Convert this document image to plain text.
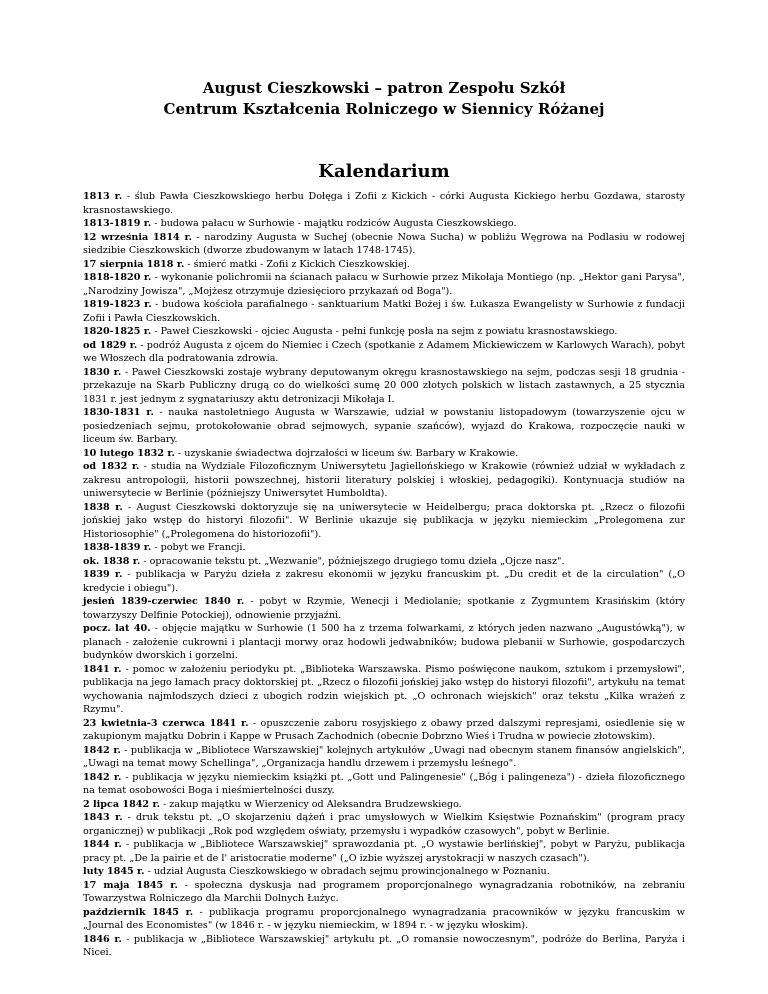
August Cieszkowski – patron Zespołu Szkół

Centrum Kształcenia Rolniczego w Siennicy Różanej

Kalendarium

1813 r. - ślub Pawła Cieszkowskiego herbu Dołęga i Zofii z Kickich - córki Augusta Kickiego herbu Gozdawa, starosty krasnostawskiego.

1813-1819 r. - budowa pałacu w Surhowie - majątku rodziców Augusta Cieszkowskiego.

12 września 1814 r. - narodziny Augusta w Suchej (obecnie Nowa Sucha) w pobliżu Węgrowa na Podlasiu w rodowej siedzibie Cieszkowskich (dworze zbudowanym w latach 1748-1745).

17 sierpnia 1818 r. - śmierć matki - Zofii z Kickich Cieszkowskiej.

1818-1820 r. - wykonanie polichromii na ścianach pałacu w Surhowie przez Mikołaja Montiego (np. „Hektor gani Parysa", „Narodziny Jowisza", „Mojżesz otrzymuje dziesięcioro przykazań od Boga").

1819-1823 r. - budowa kościoła parafialnego - sanktuarium Matki Bożej i św. Łukasza Ewangelisty w Surhowie z fundacji Zofii i Pawła Cieszkowskich.

1820-1825 r. - Paweł Cieszkowski - ojciec Augusta - pełni funkcję posła na sejm z powiatu krasnostawskiego.

od 1829 r. - podróż Augusta z ojcem do Niemiec i Czech (spotkanie z Adamem Mickiewiczem w Karlowych Warach), pobyt we Włoszech dla podratowania zdrowia.

1830 r. - Paweł Cieszkowski zostaje wybrany deputowanym okręgu krasnostawskiego na sejm, podczas sesji 18 grudnia - przekazuje na Skarb Publiczny drugą co do wielkości sumę 20 000 złotych polskich w listach zastawnych, a 25 stycznia 1831 r. jest jednym z sygnatariuszy aktu detronizacji Mikołaja I.

1830-1831 r. - nauka nastoletniego Augusta w Warszawie, udział w powstaniu listopadowym (towarzyszenie ojcu w posiedzeniach sejmu, protokołowanie obrad sejmowych, sypanie szańców), wyjazd do Krakowa, rozpoczęcie nauki w liceum św. Barbary.

10 lutego 1832 r. - uzyskanie świadectwa dojrzałości w liceum św. Barbary w Krakowie.

od 1832 r. - studia na Wydziale Filozoficznym Uniwersytetu Jagiellońskiego w Krakowie (również udział w wykładach z zakresu antropologii, historii powszechnej, historii literatury polskiej i włoskiej, pedagogiki). Kontynuacja studiów na uniwersytecie w Berlinie (późniejszy Uniwersytet Humboldta).

1838 r. - August Cieszkowski doktoryzuje się na uniwersytecie w Heidelbergu; praca doktorska pt. „Rzecz o filozofii jońskiej jako wstęp do historyi filozofii". W Berlinie ukazuje się publikacja w języku niemieckim „Prolegomena zur Historiosophie" („Prolegomena do historiozofii").

1838-1839 r. - pobyt we Francji.

ok. 1838 r. - opracowanie tekstu pt. „Wezwanie", późniejszego drugiego tomu dzieła „Ojcze nasz".

1839 r. - publikacja w Paryżu dzieła z zakresu ekonomii w języku francuskim pt. „Du credit et de la circulation" („O kredycie i obiegu").

jesień 1839-czerwiec 1840 r. - pobyt w Rzymie, Wenecji i Mediolanie; spotkanie z Zygmuntem Krasińskim (który towarzyszy Delfinie Potockiej), odnowienie przyjaźni.

pocz. lat 40. - objęcie majątku w Surhowie (1 500 ha z trzema folwarkami, z których jeden nazwano „Augustówką"), w planach - założenie cukrowni i plantacji morwy oraz hodowli jedwabników; budowa plebanii w Surhowie, gospodarczych budynków dworskich i gorzelni.

1841 r. - pomoc w założeniu periodyku pt. „Biblioteka Warszawska. Pismo poświęcone naukom, sztukom i przemysłowi", publikacja na jego łamach pracy doktorskiej pt. „Rzecz o filozofii jońskiej jako wstęp do historyi filozofii", artykułu na temat wychowania najmłodszych dzieci z ubogich rodzin wiejskich pt. „O ochronach wiejskich" oraz tekstu „Kilka wrażeń z Rzymu".

23 kwietnia-3 czerwca 1841 r. - opuszczenie zaboru rosyjskiego z obawy przed dalszymi represjami, osiedlenie się w zakupionym majątku Dobrin i Kappe w Prusach Zachodnich (obecnie Dobrzno Wieś i Trudna w powiecie złotowskim).

1842 r. - publikacja w „Bibliotece Warszawskiej" kolejnych artykułów „Uwagi nad obecnym stanem finansów angielskich", „Uwagi na temat mowy Schellinga", „Organizacja handlu drzewem i przemysłu leśnego".

1842 r. - publikacja w języku niemieckim książki pt. „Gott und Palingenesie" („Bóg i palingeneza") - dzieła filozoficznego na temat osobowości Boga i nieśmiertelności duszy.

2 lipca 1842 r. - zakup majątku w Wierzenicy od Aleksandra Brudzewskiego.

1843 r. - druk tekstu pt. „O skojarzeniu dążeń i prac umysłowych w Wielkim Księstwie Poznańskim" (program pracy organicznej) w publikacji „Rok pod względem oświaty, przemysłu i wypadków czasowych", pobyt w Berlinie.

1844 r. - publikacja w „Bibliotece Warszawskiej" sprawozdania pt. „O wystawie berlińskiej", pobyt w Paryżu, publikacja pracy pt. „De la pairie et de l' aristocratie moderne" („O izbie wyższej arystokracji w naszych czasach").

luty 1845 r. - udział Augusta Cieszkowskiego w obradach sejmu prowincjonalnego w Poznaniu.

17 maja 1845 r. - społeczna dyskusja nad programem proporcjonalnego wynagradzania robotników, na zebraniu Towarzystwa Rolniczego dla Marchii Dolnych Łużyc.

październik 1845 r. - publikacja programu proporcjonalnego wynagradzania pracowników w języku francuskim w „Journal des Economistes" (w 1846 r. - w języku niemieckim, w 1894 r. - w języku włoskim).

1846 r. - publikacja w „Bibliotece Warszawskiej" artykułu pt. „O romansie nowoczesnym", podróże do Berlina, Paryża i Nicei.
